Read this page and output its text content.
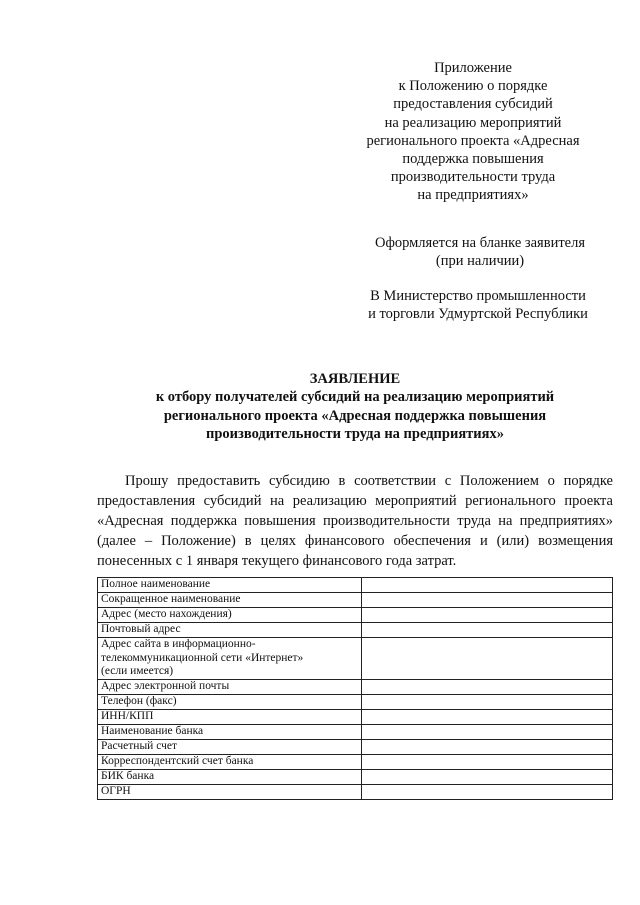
Приложение
к Положению о порядке
предоставления субсидий
на реализацию мероприятий
регионального проекта «Адресная
поддержка повышения
производительности труда
на предприятиях»
Оформляется на бланке заявителя
(при наличии)
В Министерство промышленности
и торговли Удмуртской Республики
ЗАЯВЛЕНИЕ
к отбору получателей субсидий на реализацию мероприятий
регионального проекта «Адресная поддержка повышения
производительности труда на предприятиях»
Прошу предоставить субсидию в соответствии с Положением о порядке
предоставления субсидий на реализацию мероприятий регионального проекта
«Адресная поддержка повышения производительности труда на предприятиях»
(далее – Положение) в целях финансового обеспечения и (или) возмещения
понесенных с 1 января текущего финансового года затрат.
Полное наименование	

Сокращенное наименование	

Адрес (место нахождения)	

Почтовый адрес	

Адрес сайта в информационно-
телекоммуникационной сети «Интернет»
(если имеется)	

Адрес электронной почты	

Телефон (факс)	

ИНН/КПП	

Наименование банка	

Расчетный счет	

Корреспондентский счет банка	

БИК банка	

ОГРН	
